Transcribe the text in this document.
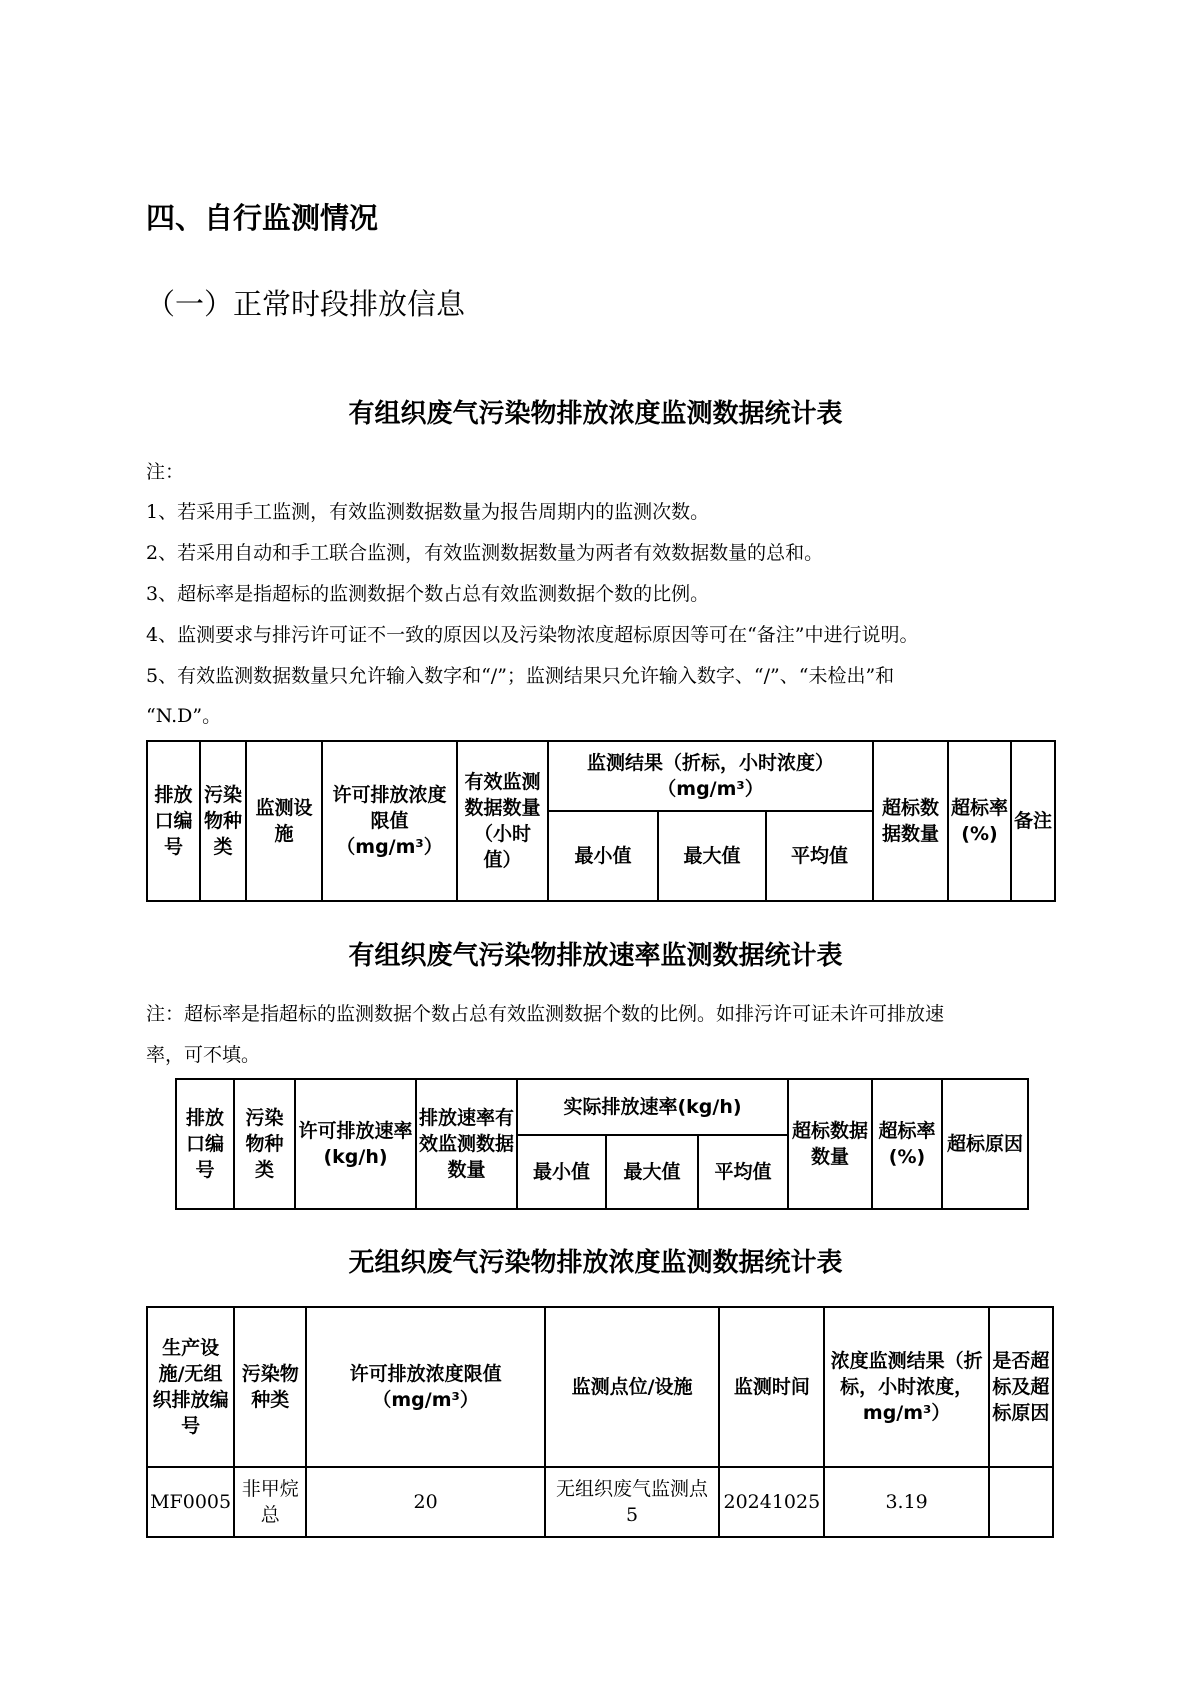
四、自行监测情况
（一）正常时段排放信息
有组织废气污染物排放浓度监测数据统计表
注：
1、若采用手工监测，有效监测数据数量为报告周期内的监测次数。
2、若采用自动和手工联合监测，有效监测数据数量为两者有效数据数量的总和。
3、超标率是指超标的监测数据个数占总有效监测数据个数的比例。
4、监测要求与排污许可证不一致的原因以及污染物浓度超标原因等可在“备注”中进行说明。
5、有效监测数据数量只允许输入数字和“/”；监测结果只允许输入数字、“/”、“未检出”和
“N.D”。
排放口编号	污染物种类	监测设施	许可排放浓度限值（mg/m³）	有效监测数据数量（小时值）	监测结果（折标，小时浓度）（mg/m³）			超标数据数量	超标率(%)	备注
					最小值	最大值	平均值			
有组织废气污染物排放速率监测数据统计表
注：超标率是指超标的监测数据个数占总有效监测数据个数的比例。如排污许可证未许可排放速
率，可不填。
排放口编号	污染物种类	许可排放速率(kg/h)	排放速率有效监测数据数量	实际排放速率(kg/h)			超标数据数量	超标率(%)	超标原因
				最小值	最大值	平均值			
无组织废气污染物排放浓度监测数据统计表
生产设施/无组织排放编号	污染物种类	许可排放浓度限值（mg/m³）	监测点位/设施	监测时间	浓度监测结果（折标，小时浓度，mg/m³）	是否超标及超标原因
MF0005	非甲烷总	20	无组织废气监测点 5	20241025	3.19	
